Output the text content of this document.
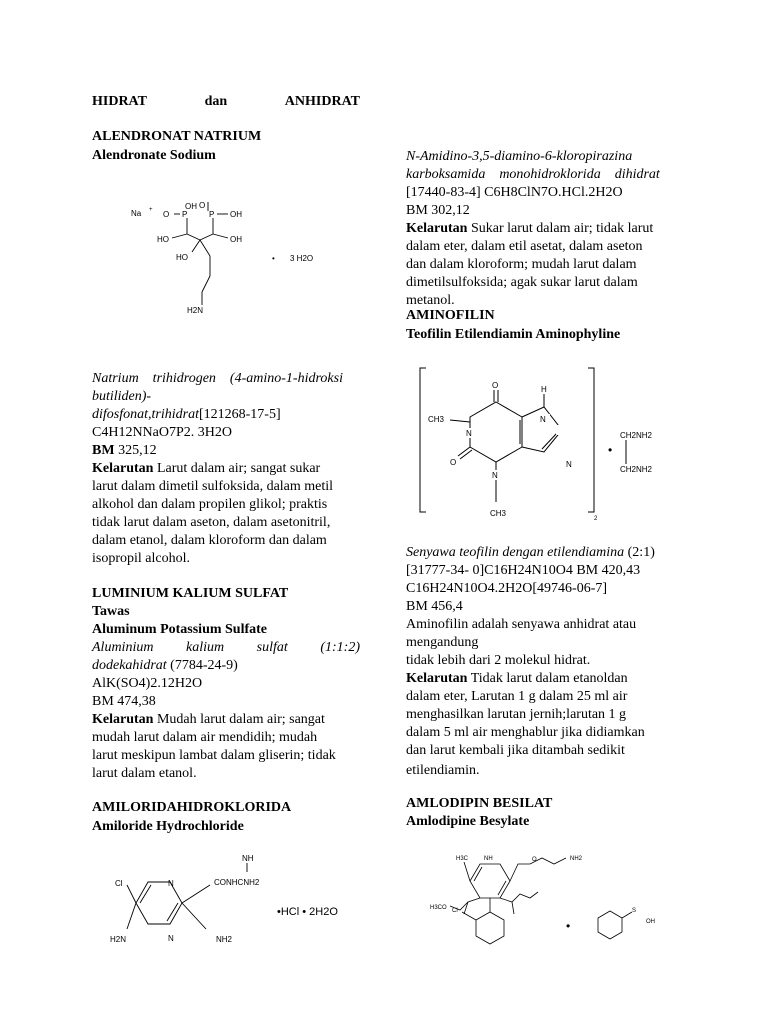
HIDRAT	dan	ANHIDRAT
ALENDRONAT NATRIUM
Alendronate Sodium
Na + O P	P
O
OH
OH
HO
HO
OH
H2N
• 3 H2O
Natrium    trihidrogen    (4-amino-1-hidroksi
butiliden)-
difosfonat,trihidrat[121268-17-5]
C4H12NNaO7P2. 3H2O
BM 325,12
Kelarutan Larut dalam air; sangat sukar
larut dalam dimetil sulfoksida, dalam metil
alkohol dan dalam propilen glikol; praktis
tidak larut dalam aseton, dalam asetonitril,
dalam etanol, dalam kloroform dan dalam
isopropil alcohol.
LUMINIUM KALIUM SULFAT
Tawas
Aluminum Potassium Sulfate
Aluminium kalium sulfat (1:1:2)
dodekahidrat (7784-24-9)
AlK(SO4)2.12H2O
BM 474,38
Kelarutan Mudah larut dalam air; sangat
mudah larut dalam air mendidih; mudah
larut meskipun lambat dalam gliserin; tidak
larut dalam etanol.
AMILORIDAHIDROKLORIDA
Amiloride Hydrochloride
Cl	N
N
NH
CONHCNH2
H2N	NH2
•HCl • 2H2O
N-Amidino-3,5-diamino-6-kloropirazina
karboksamida    monohidroklorida    dihidrat
[17440-83-4] C6H8ClN7O.HCl.2H2O
BM 302,12
Kelarutan Sukar larut dalam air; tidak larut
dalam eter, dalam etil asetat, dalam aseton
dan dalam kloroform; mudah larut dalam
dimetilsulfoksida; agak sukar larut dalam
metanol.
AMINOFILIN
Teofilin Etilendiamin Aminophyline
O	H
CH3
N
N
N
O
N
CH3
2
•
CH2NH2
CH2NH2
Senyawa teofilin dengan etilendiamina (2:1)
[31777-34- 0]C16H24N10O4 BM 420,43
C16H24N10O4.2H2O[49746-06-7]
BM 456,4
Aminofilin adalah senyawa anhidrat atau
mengandung
tidak lebih dari 2 molekul hidrat.
Kelarutan Tidak larut dalam etanoldan
dalam eter, Larutan 1 g dalam 25 ml air
menghasilkan larutan jernih;larutan 1 g
dalam 5 ml air menghablur jika didiamkan
dan larut kembali jika ditambah sedikit
etilendiamin.
AMLODIPIN BESILAT
Amlodipine Besylate
H3C	NH	O	NH2
H3CO Cl
•
S
OH
